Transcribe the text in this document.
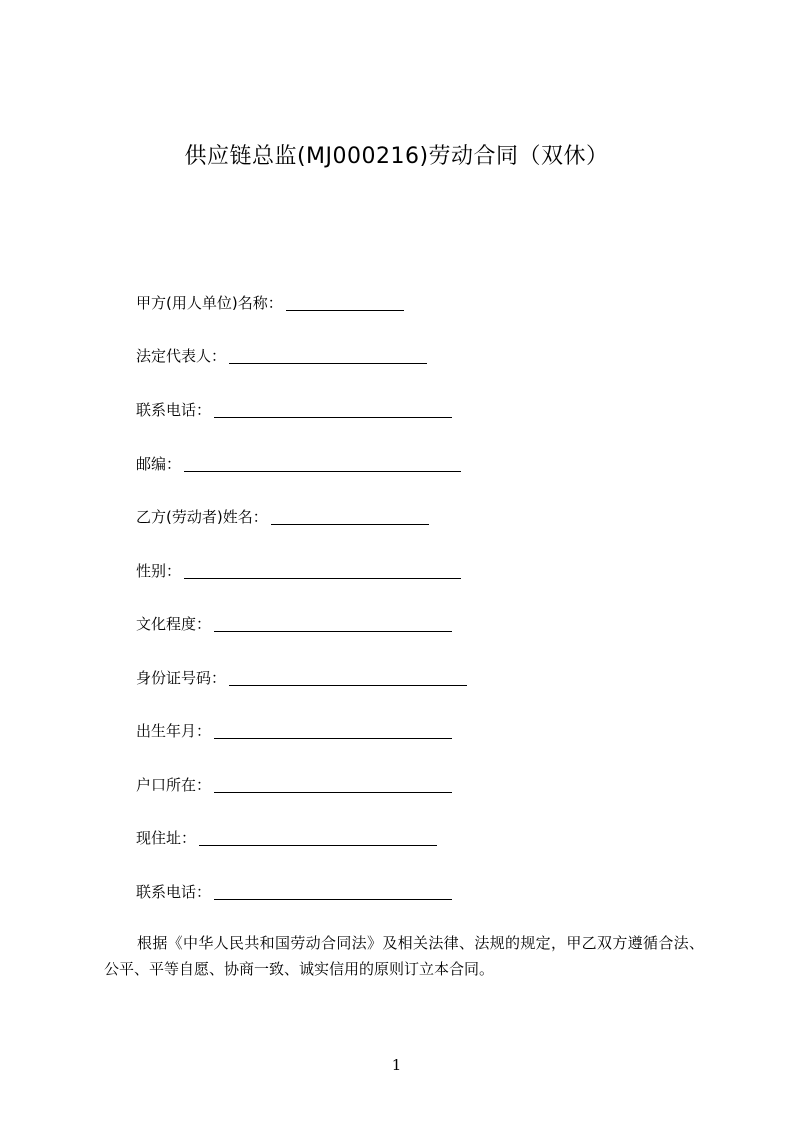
供应链总监(MJ000216)劳动合同（双休）
甲方(用人单位)名称：
法定代表人：
联系电话：
邮编：
乙方(劳动者)姓名：
性别：
文化程度：
身份证号码：
出生年月：
户口所在：
现住址：
联系电话：
根据《中华人民共和国劳动合同法》及相关法律、法规的规定，甲乙双方遵循合法、公平、平等自愿、协商一致、诚实信用的原则订立本合同。
1
